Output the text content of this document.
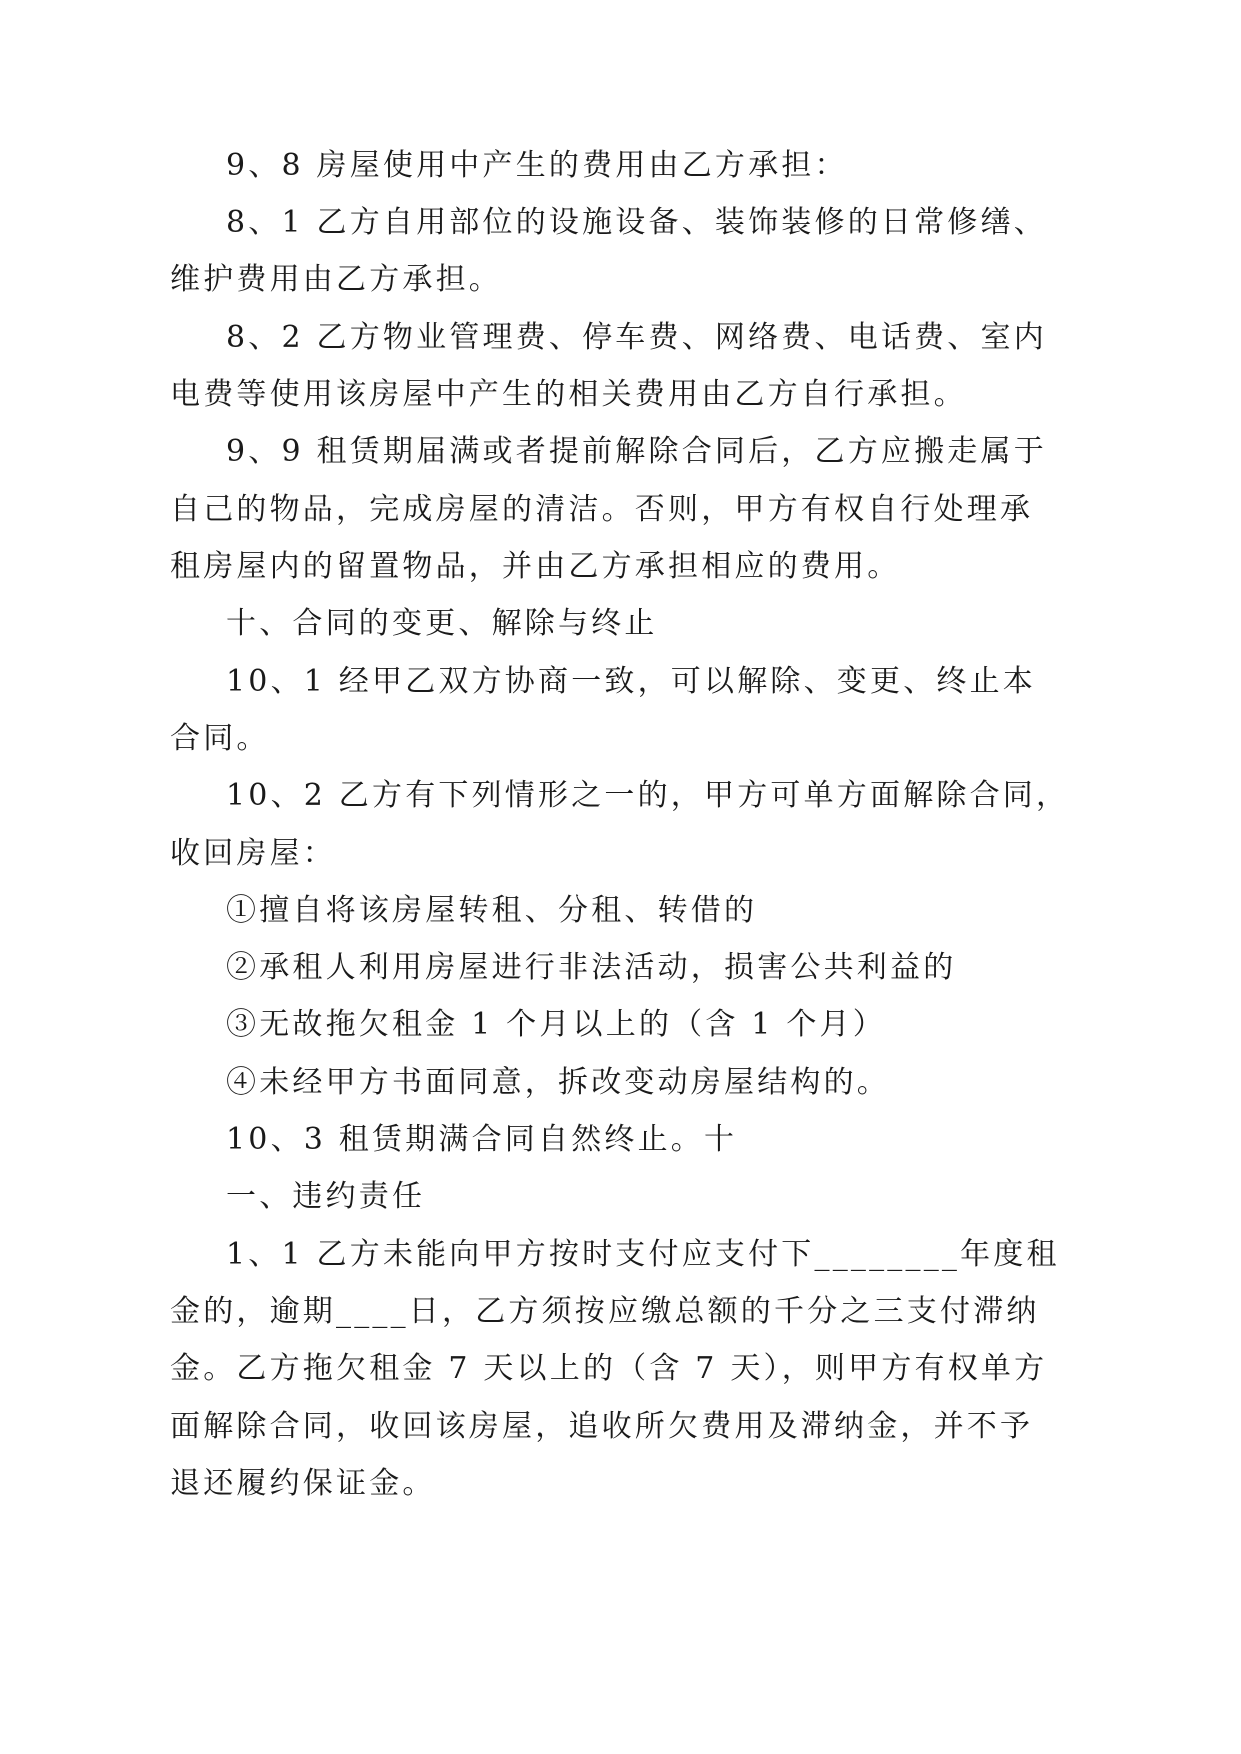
9、8 房屋使用中产生的费用由乙方承担：
8、1 乙方自用部位的设施设备、装饰装修的日常修缮、
维护费用由乙方承担。
8、2 乙方物业管理费、停车费、网络费、电话费、室内
电费等使用该房屋中产生的相关费用由乙方自行承担。
9、9 租赁期届满或者提前解除合同后，乙方应搬走属于
自己的物品，完成房屋的清洁。否则，甲方有权自行处理承
租房屋内的留置物品，并由乙方承担相应的费用。
十、合同的变更、解除与终止
10、1 经甲乙双方协商一致，可以解除、变更、终止本
合同。
10、2 乙方有下列情形之一的，甲方可单方面解除合同，
收回房屋：
①擅自将该房屋转租、分租、转借的
②承租人利用房屋进行非法活动，损害公共利益的
③无故拖欠租金 1 个月以上的（含 1 个月）
④未经甲方书面同意，拆改变动房屋结构的。
10、3 租赁期满合同自然终止。十
一、违约责任
1、1 乙方未能向甲方按时支付应支付下________年度租
金的，逾期____日，乙方须按应缴总额的千分之三支付滞纳
金。乙方拖欠租金 7 天以上的（含 7 天），则甲方有权单方
面解除合同，收回该房屋，追收所欠费用及滞纳金，并不予
退还履约保证金。
